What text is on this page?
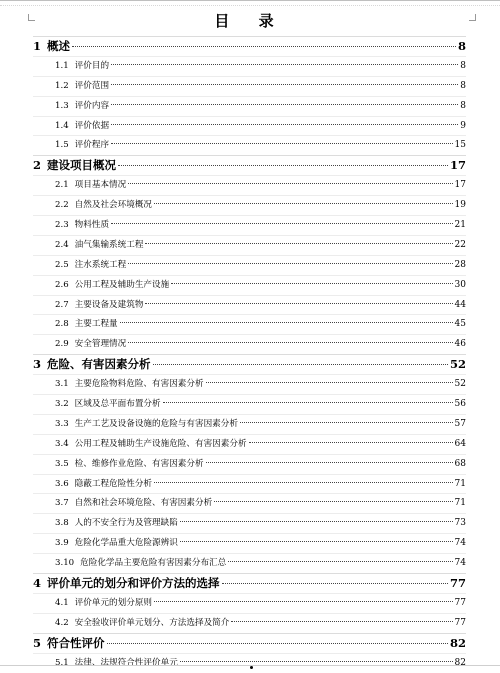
目 录
1 概述	8
1.1 评价目的	8
1.2 评价范围	8
1.3 评价内容	8
1.4 评价依据	9
1.5 评价程序	15
2 建设项目概况	17
2.1 项目基本情况	17
2.2 自然及社会环境概况	19
2.3 物料性质	21
2.4 油气集输系统工程	22
2.5 注水系统工程	28
2.6 公用工程及辅助生产设施	30
2.7 主要设备及建筑物	44
2.8 主要工程量	45
2.9 安全管理情况	46
3 危险、有害因素分析	52
3.1 主要危险物料危险、有害因素分析	52
3.2 区域及总平面布置分析	56
3.3 生产工艺及设备设施的危险与有害因素分析	57
3.4 公用工程及辅助生产设施危险、有害因素分析	64
3.5 检、维修作业危险、有害因素分析	68
3.6 隐蔽工程危险性分析	71
3.7 自然和社会环境危险、有害因素分析	71
3.8 人的不安全行为及管理缺陷	73
3.9 危险化学品重大危险源辨识	74
3.10 危险化学品主要危险有害因素分布汇总	74
4 评价单元的划分和评价方法的选择	77
4.1 评价单元的划分原则	77
4.2 安全验收评价单元划分、方法选择及简介	77
5 符合性评价	82
5.1 法律、法规符合性评价单元	82
